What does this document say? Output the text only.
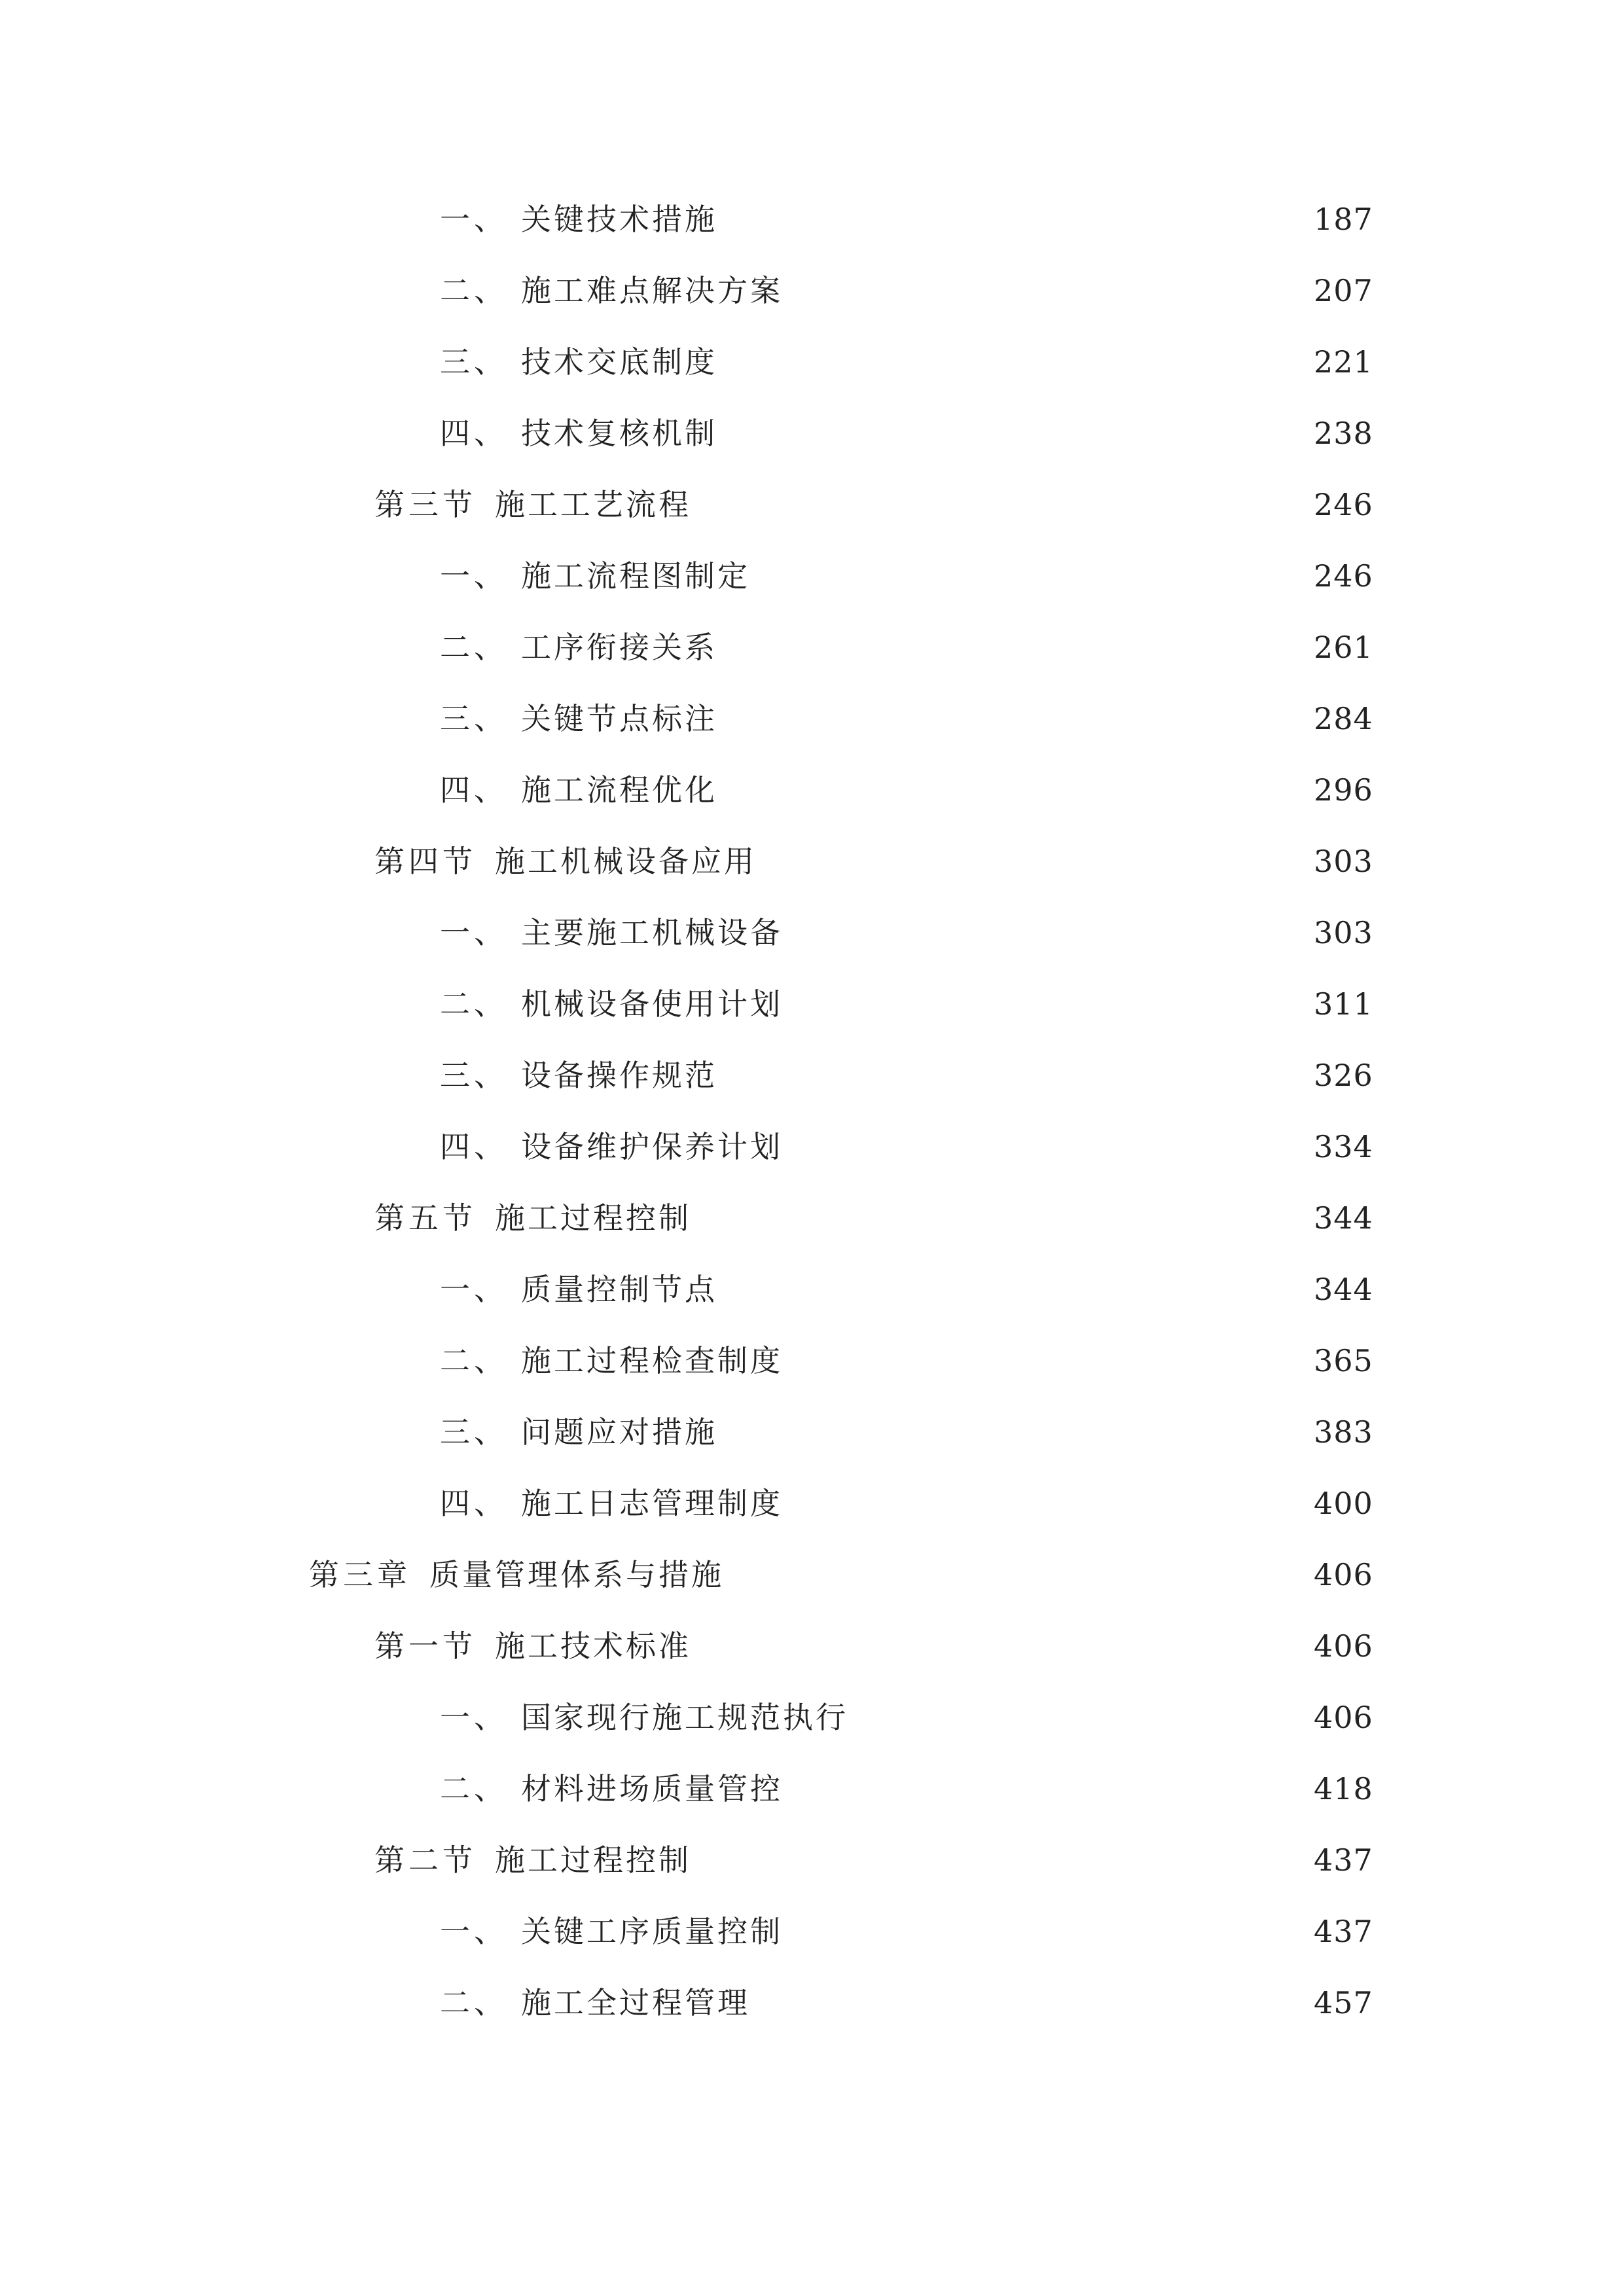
一、 关键技术措施	187
二、 施工难点解决方案	207
三、 技术交底制度	221
四、 技术复核机制	238
第三节 施工工艺流程	246
一、 施工流程图制定	246
二、 工序衔接关系	261
三、 关键节点标注	284
四、 施工流程优化	296
第四节 施工机械设备应用	303
一、 主要施工机械设备	303
二、 机械设备使用计划	311
三、 设备操作规范	326
四、 设备维护保养计划	334
第五节 施工过程控制	344
一、 质量控制节点	344
二、 施工过程检查制度	365
三、 问题应对措施	383
四、 施工日志管理制度	400
第三章 质量管理体系与措施	406
第一节 施工技术标准	406
一、 国家现行施工规范执行	406
二、 材料进场质量管控	418
第二节 施工过程控制	437
一、 关键工序质量控制	437
二、 施工全过程管理	457
